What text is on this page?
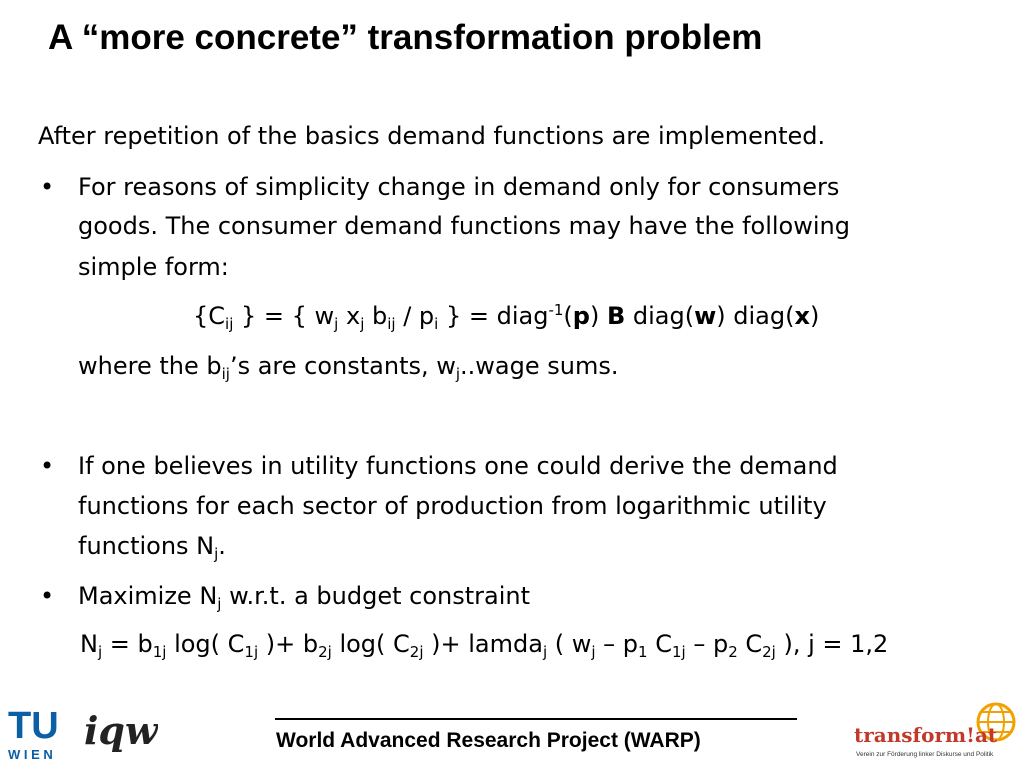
A “more concrete” transformation problem
After repetition of the basics demand functions are implemented.
• For reasons of simplicity change in demand only for consumers
goods. The consumer demand functions may have the following
simple form:
{$C_{ij}$ } = { $w_j$ $x_j$ $b_{ij} / p_i$ } = diag$^{-1}$(p) B diag(w) diag(x)
where the $b_{ij}’s$ are constants, $w_j..wage$ sums.
• If one believes in utility functions one could derive the demand
functions for each sector of production from logarithmic utility
functions $N_j$.
• Maximize $N_j$ w.r.t. a budget constraint
$N_j = b_{1j}$ log( $C_{1j}$ )+ $b_{2j}$ log( $C_{2j}$ )+ lamda$_j$ ( $w_j - p_1$ $C_{1j} - p_2$ $C_{2j}$ ), j = 1,2
World Advanced Research Project (WARP)
TU
W I E N
iqw	transform!at
Verein zur Förderung linker Diskurse und Politik
